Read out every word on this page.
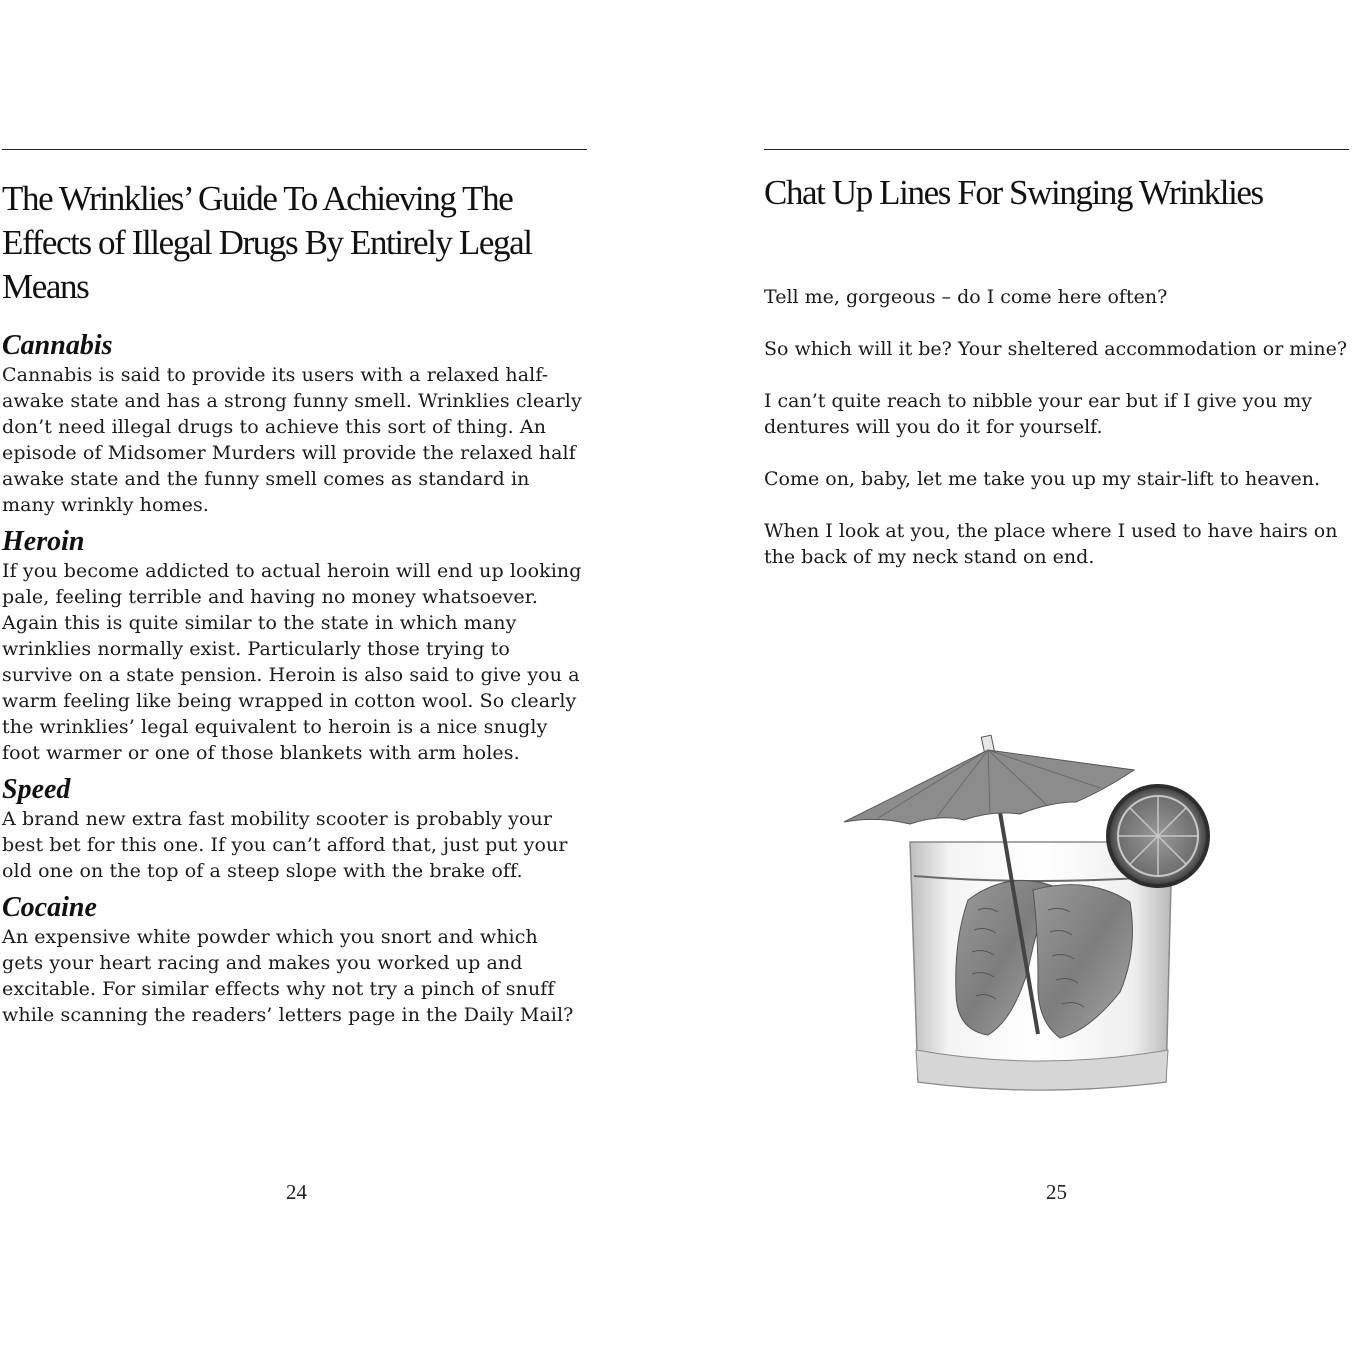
The Wrinklies’ Guide To Achieving The Effects of Illegal Drugs By Entirely Legal Means
Cannabis

Cannabis is said to provide its users with a relaxed half-awake state and has a strong funny smell. Wrinklies clearly don’t need illegal drugs to achieve this sort of thing. An episode of Midsomer Murders will provide the relaxed half awake state and the funny smell comes as standard in many wrinkly homes.

Heroin

If you become addicted to actual heroin will end up looking pale, feeling terrible and having no money whatsoever. Again this is quite similar to the state in which many wrinklies normally exist. Particularly those trying to survive on a state pension. Heroin is also said to give you a warm feeling like being wrapped in cotton wool. So clearly the wrinklies’ legal equivalent to heroin is a nice snugly foot warmer or one of those blankets with arm holes.

Speed

A brand new extra fast mobility scooter is probably your best bet for this one. If you can’t afford that, just put your old one on the top of a steep slope with the brake off.

Cocaine

An expensive white powder which you snort and which gets your heart racing and makes you worked up and excitable. For similar effects why not try a pinch of snuff while scanning the readers’ letters page in the Daily Mail?

24
Chat Up Lines For Swinging Wrinklies

Tell me, gorgeous – do I come here often?

So which will it be? Your sheltered accommodation or mine?

I can’t quite reach to nibble your ear but if I give you my dentures will you do it for yourself.

Come on, baby, let me take you up my stair-lift to heaven.

When I look at you, the place where I used to have hairs on the back of my neck stand on end.

25
